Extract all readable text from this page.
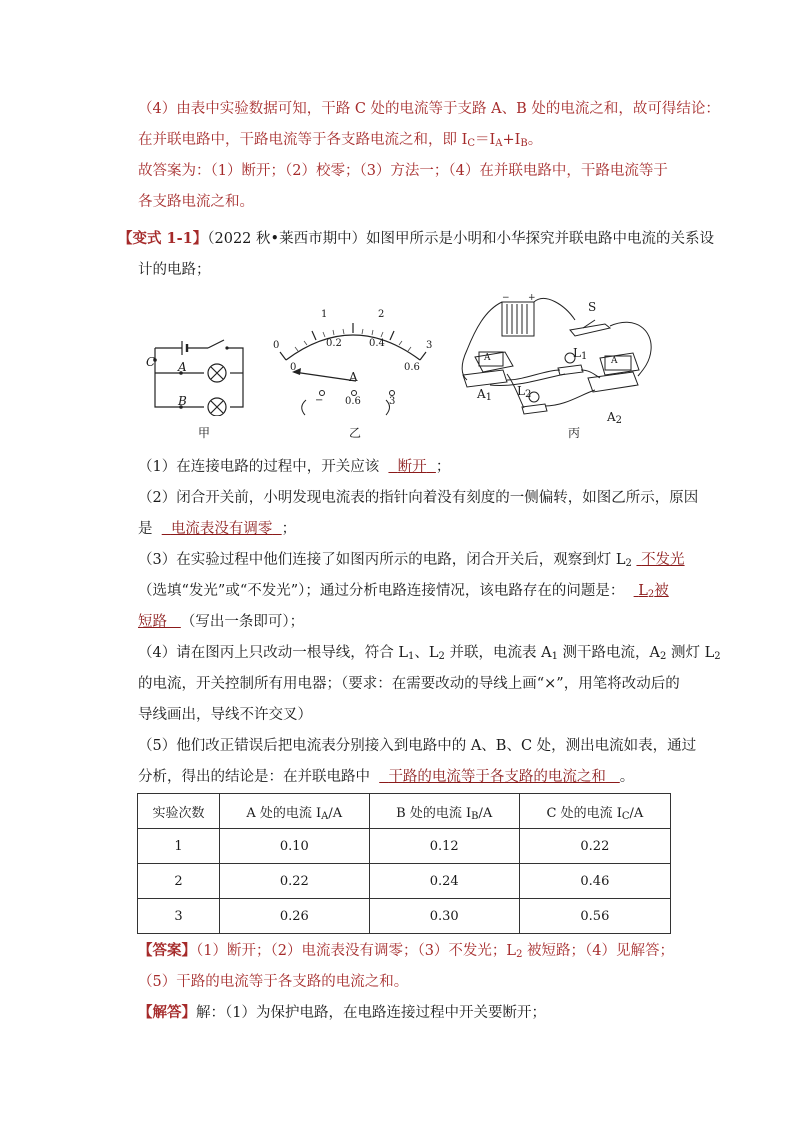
（4）由表中实验数据可知，干路 C 处的电流等于支路 A、B 处的电流之和，故可得结论：
在并联电路中，干路电流等于各支路电流之和，即 $I_C=I_A+I_B$。
故答案为：（1）断开；（2）校零；（3）方法一；（4）在并联电路中，干路电流等于
各支路电流之和。
【变式 1-1】（2022 秋•莱西市期中）如图甲所示是小明和小华探究并联电路中电流的关系设
计的电路；
C A
B
甲
0
1	2
3
0
0.2	0.4
0.6
A
− 0.6	3
乙
− +
S
$L_1$
$L_2$
$A_1$
$A_2$
A	A
丙
（1）在连接电路的过程中，开关应该 断开 ；
（2）闭合开关前，小明发现电流表的指针向着没有刻度的一侧偏转，如图乙所示，原因
是 电流表没有调零 ；
（3）在实验过程中他们连接了如图丙所示的电路，闭合开关后，观察到灯 $L_2$ 不发光
（选填“发光”或“不发光”）；通过分析电路连接情况，该电路存在的问题是： $L_2$被
短路 （写出一条即可）；
（4）请在图丙上只改动一根导线，符合 $L_1$、$L_2$ 并联，电流表 $A_1$ 测干路电流，$A_2$ 测灯 $L_2$
的电流，开关控制所有用电器；（要求：在需要改动的导线上画“×”，用笔将改动后的
导线画出，导线不许交叉）
（5）他们改正错误后把电流表分别接入到电路中的 A、B、C 处，测出电流如表，通过
分析，得出的结论是：在并联电路中 干路的电流等于各支路的电流之和 。
实验次数	A 处的电流 $I_A/A$	B 处的电流 $I_B/A$	C 处的电流 $I_C/A$
1	0.10	0.12	0.22
2	0.22	0.24	0.46
3	0.26	0.30	0.56
【答案】（1）断开；（2）电流表没有调零；（3）不发光；$L_2$ 被短路；（4）见解答；
（5）干路的电流等于各支路的电流之和。
【解答】解：（1）为保护电路，在电路连接过程中开关要断开；
